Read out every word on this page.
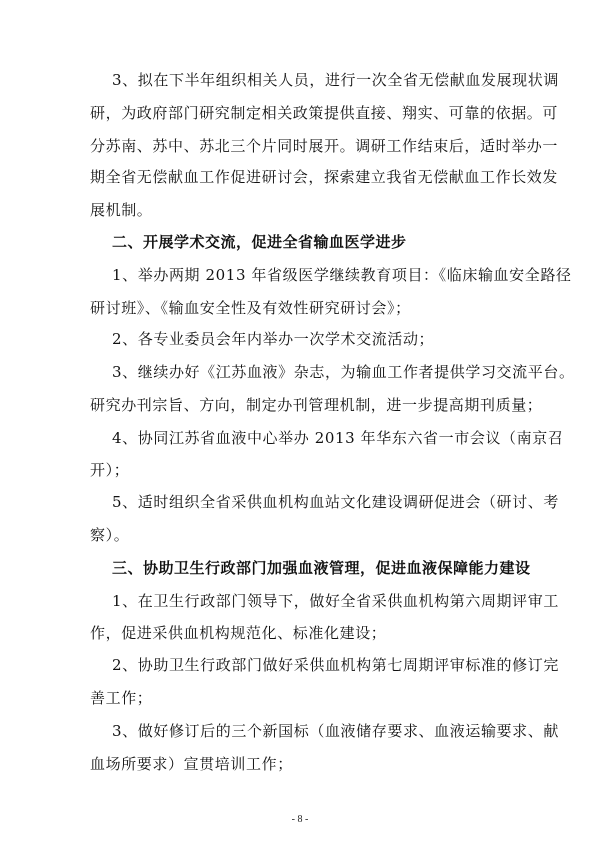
3、拟在下半年组织相关人员，进行一次全省无偿献血发展现状调
研，为政府部门研究制定相关政策提供直接、翔实、可靠的依据。可
分苏南、苏中、苏北三个片同时展开。调研工作结束后，适时举办一
期全省无偿献血工作促进研讨会，探索建立我省无偿献血工作长效发
展机制。
二、开展学术交流，促进全省输血医学进步
1、举办两期 2013 年省级医学继续教育项目：《临床输血安全路径
研讨班》、《输血安全性及有效性研究研讨会》；
2、各专业委员会年内举办一次学术交流活动；
3、继续办好《江苏血液》杂志，为输血工作者提供学习交流平台。
研究办刊宗旨、方向，制定办刊管理机制，进一步提高期刊质量；
4、协同江苏省血液中心举办 2013 年华东六省一市会议（南京召
开）；
5、适时组织全省采供血机构血站文化建设调研促进会（研讨、考
察）。
三、协助卫生行政部门加强血液管理，促进血液保障能力建设
1、在卫生行政部门领导下，做好全省采供血机构第六周期评审工
作，促进采供血机构规范化、标准化建设；
2、协助卫生行政部门做好采供血机构第七周期评审标准的修订完
善工作；
- 8 -
3、做好修订后的三个新国标（血液储存要求、血液运输要求、献
血场所要求）宣贯培训工作；
